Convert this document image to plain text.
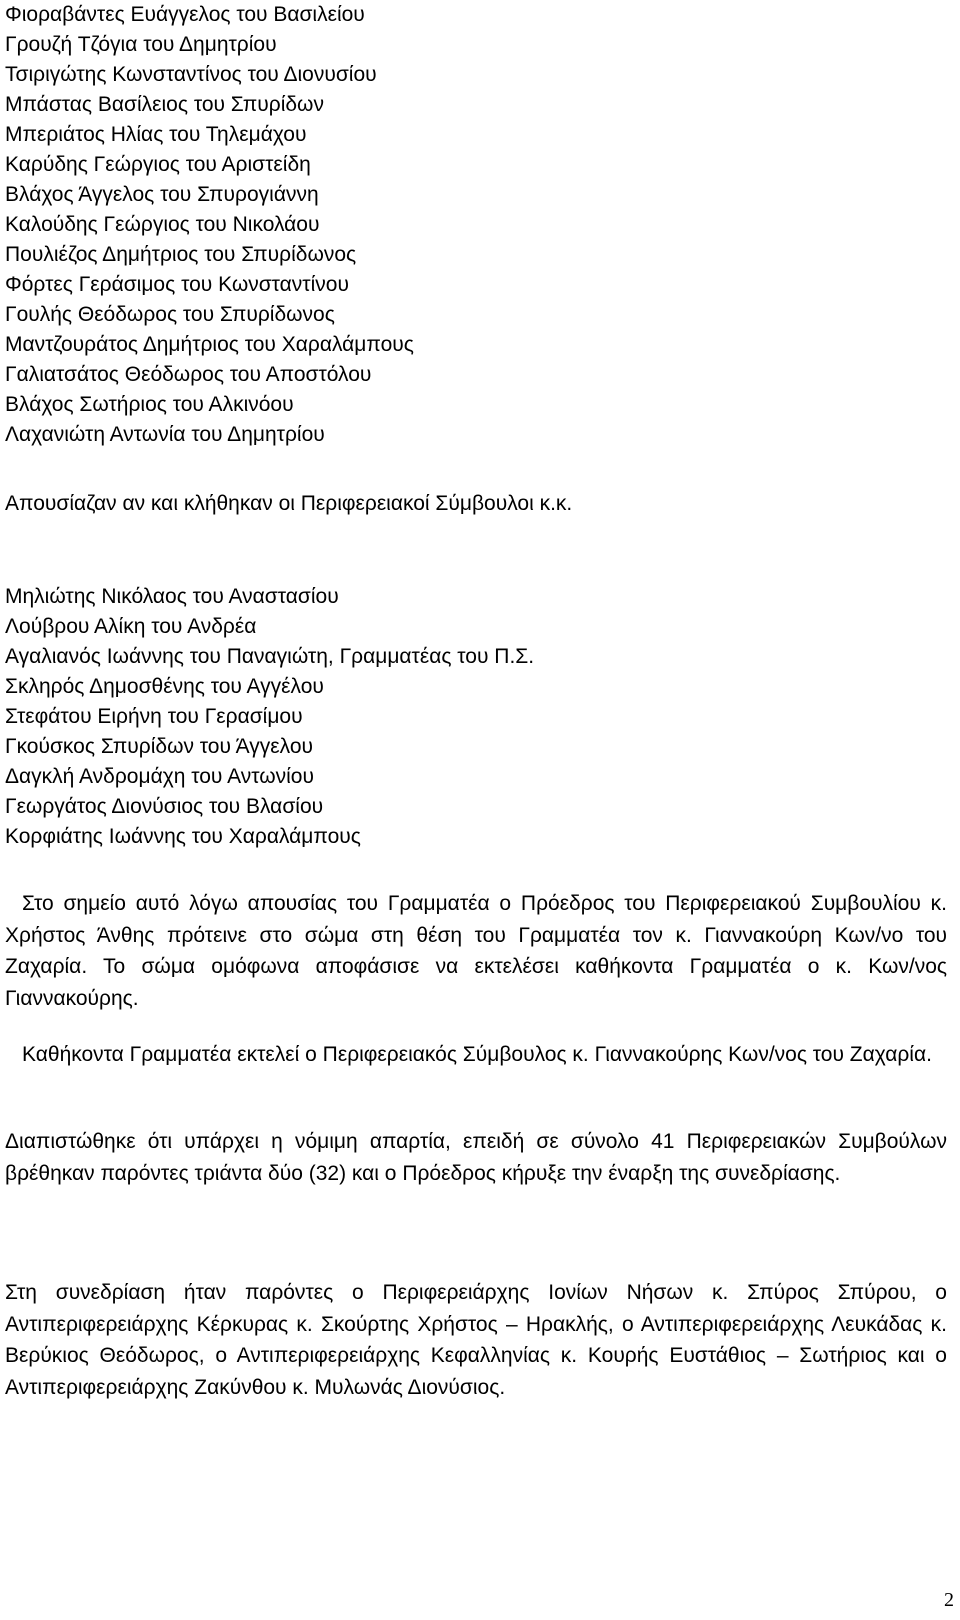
Φιοραβάντες Ευάγγελος του Βασιλείου
Γρουζή Τζόγια του Δημητρίου
Τσιριγώτης Κωνσταντίνος του Διονυσίου
Μπάστας Βασίλειος του Σπυρίδων
Μπεριάτος Ηλίας του Τηλεμάχου
Καρύδης Γεώργιος του Αριστείδη
Βλάχος Άγγελος του Σπυρογιάννη
Καλούδης Γεώργιος του Νικολάου
Πουλιέζος Δημήτριος του Σπυρίδωνος
Φόρτες Γεράσιμος του Κωνσταντίνου
Γουλής Θεόδωρος του Σπυρίδωνος
Μαντζουράτος Δημήτριος του Χαραλάμπους
Γαλιατσάτος Θεόδωρος του Αποστόλου
Βλάχος Σωτήριος του Αλκινόου
Λαχανιώτη Αντωνία του Δημητρίου
Απουσίαζαν αν και κλήθηκαν οι Περιφερειακοί Σύμβουλοι κ.κ.
Μηλιώτης Νικόλαος του Αναστασίου
Λούβρου Αλίκη του Ανδρέα
Αγαλιανός Ιωάννης του Παναγιώτη, Γραμματέας του Π.Σ.
Σκληρός Δημοσθένης του Αγγέλου
Στεφάτου Ειρήνη του Γερασίμου
Γκούσκος Σπυρίδων του Άγγελου
Δαγκλή Ανδρομάχη του Αντωνίου
Γεωργάτος Διονύσιος του Βλασίου
Κορφιάτης Ιωάννης του Χαραλάμπους

Στο σημείο αυτό λόγω απουσίας του Γραμματέα ο Πρόεδρος του Περιφερειακού Συμβουλίου κ. Χρήστος Άνθης πρότεινε στο σώμα στη θέση του Γραμματέα τον κ. Γιαννακούρη Κων/νο του Ζαχαρία. Το σώμα ομόφωνα αποφάσισε να εκτελέσει καθήκοντα Γραμματέα ο κ. Κων/νος Γιαννακούρης.

Καθήκοντα Γραμματέα εκτελεί ο Περιφερειακός Σύμβουλος κ. Γιαννακούρης Κων/νος του Ζαχαρία.

Διαπιστώθηκε ότι υπάρχει η νόμιμη απαρτία, επειδή σε σύνολο 41 Περιφερειακών Συμβούλων βρέθηκαν παρόντες τριάντα δύο (32) και ο Πρόεδρος κήρυξε την έναρξη της συνεδρίασης.

Στη συνεδρίαση ήταν παρόντες ο Περιφερειάρχης Ιονίων Νήσων κ. Σπύρος Σπύρου, ο Αντιπεριφερειάρχης Κέρκυρας κ. Σκούρτης Χρήστος – Ηρακλής, ο Αντιπεριφερειάρχης Λευκάδας κ. Βερύκιος Θεόδωρος, ο Αντιπεριφερειάρχης Κεφαλληνίας κ. Κουρής Ευστάθιος – Σωτήριος και ο Αντιπεριφερειάρχης Ζακύνθου κ. Μυλωνάς Διονύσιος.

2
